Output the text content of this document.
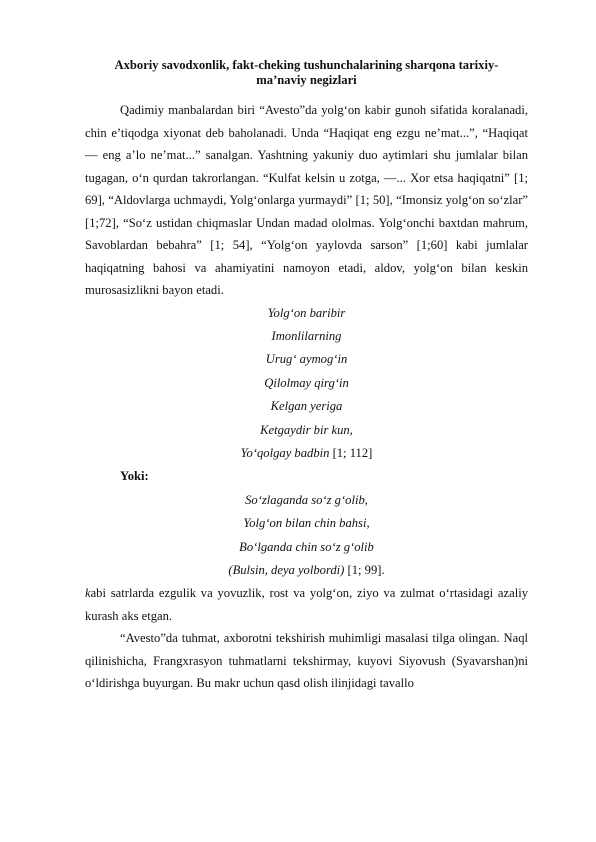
Axboriy savodxonlik, fakt-cheking tushunchalarining sharqona tarixiy-
ma’naviy negizlari

Qadimiy manbalardan biri “Avesto”da yolg‘on kabir gunoh sifatida koralanadi, chin e’tiqodga xiyonat deb baholanadi. Unda “Haqiqat eng ezgu ne’mat...”, “Haqiqat — eng a’lo ne’mat...” sanalgan. Yashtning yakuniy duo aytimlari shu jumlalar bilan tugagan, o‘n qurdan takrorlangan. “Kulfat kelsin u zotga, —... Xor etsa haqiqatni” [1; 69], “Aldovlarga uchmaydi, Yolg‘onlarga yurmaydi” [1; 50], “Imonsiz yolg‘on so‘zlar” [1;72], “So‘z ustidan chiqmaslar Undan madad ololmas. Yolg‘onchi baxtdan mahrum, Savoblardan bebahra” [1; 54], “Yolg‘on yaylovda sarson” [1;60] kabi jumlalar haqiqatning bahosi va ahamiyatini namoyon etadi, aldov, yolg‘on bilan keskin murosasizlikni bayon etadi.

Yolg‘on baribir
Imonlilarning
Urug‘ aymog‘in
Qilolmay qirg‘in
Kelgan yeriga
Ketgaydir bir kun,
Yo‘qolgay badbin [1; 112]

Yoki:

So‘zlaganda so‘z g‘olib,
Yolg‘on bilan chin bahsi,
Bo‘lganda chin so‘z g‘olib
(Bulsin, deya yolbordi) [1; 99].

kabi satrlarda ezgulik va yovuzlik, rost va yolg‘on, ziyo va zulmat o‘rtasidagi azaliy kurash aks etgan.

“Avesto”da tuhmat, axborotni tekshirish muhimligi masalasi tilga olingan. Naql qilinishicha, Frangxrasyon tuhmatlarni tekshirmay, kuyovi Siyovush (Syavarshan)ni o‘ldirishga buyurgan. Bu makr uchun qasd olish ilinjidagi tavallo
